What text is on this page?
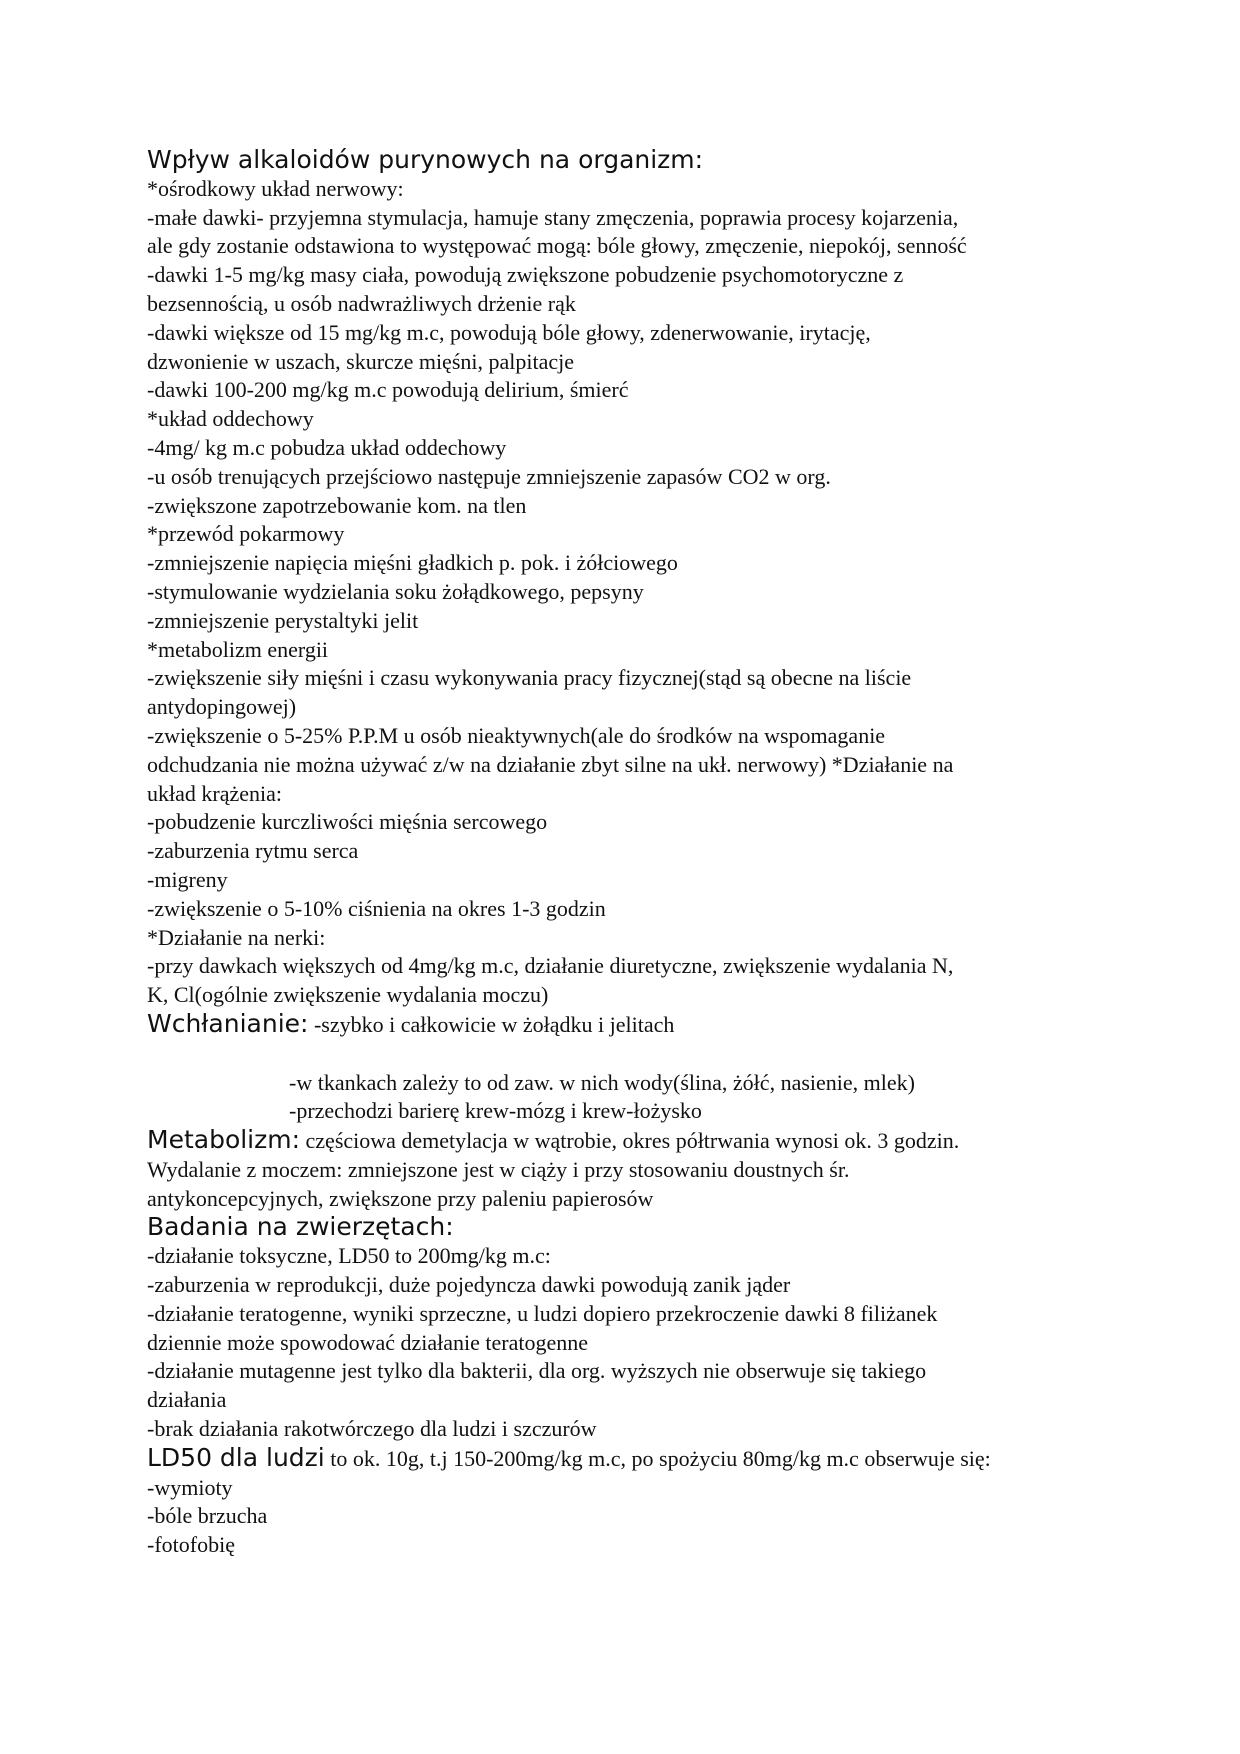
Wpływ alkaloidów purynowych na organizm:
*ośrodkowy układ nerwowy:
-małe dawki- przyjemna stymulacja, hamuje stany zmęczenia, poprawia procesy kojarzenia,
ale gdy zostanie odstawiona to występować mogą: bóle głowy, zmęczenie, niepokój, senność
-dawki 1-5 mg/kg masy ciała, powodują zwiększone pobudzenie psychomotoryczne z
bezsennością, u osób nadwrażliwych drżenie rąk
-dawki większe od 15 mg/kg m.c, powodują bóle głowy, zdenerwowanie, irytację,
dzwonienie w uszach, skurcze mięśni, palpitacje
-dawki 100-200 mg/kg m.c powodują delirium, śmierć
*układ oddechowy
-4mg/ kg m.c pobudza układ oddechowy
-u osób trenujących przejściowo następuje zmniejszenie zapasów CO2 w org.
-zwiększone zapotrzebowanie kom. na tlen
*przewód pokarmowy
-zmniejszenie napięcia mięśni gładkich p. pok. i żółciowego
-stymulowanie wydzielania soku żołądkowego, pepsyny
-zmniejszenie perystaltyki jelit
*metabolizm energii
-zwiększenie siły mięśni i czasu wykonywania pracy fizycznej(stąd są obecne na liście
antydopingowej)
-zwiększenie o 5-25% P.P.M u osób nieaktywnych(ale do środków na wspomaganie
odchudzania nie można używać z/w na działanie zbyt silne na ukł. nerwowy) *Działanie na
układ krążenia:
-pobudzenie kurczliwości mięśnia sercowego
-zaburzenia rytmu serca
-migreny
-zwiększenie o 5-10% ciśnienia na okres 1-3 godzin
*Działanie na nerki:
-przy dawkach większych od 4mg/kg m.c, działanie diuretyczne, zwiększenie wydalania N,
K, Cl(ogólnie zwiększenie wydalania moczu)
Wchłanianie: -szybko i całkowicie w żołądku i jelitach
-w tkankach zależy to od zaw. w nich wody(ślina, żółć, nasienie, mlek)
-przechodzi barierę krew-mózg i krew-łożysko
Metabolizm: częściowa demetylacja w wątrobie, okres półtrwania wynosi ok. 3 godzin.
Wydalanie z moczem: zmniejszone jest w ciąży i przy stosowaniu doustnych śr.
antykoncepcyjnych, zwiększone przy paleniu papierosów
Badania na zwierzętach:
-działanie toksyczne, LD50 to 200mg/kg m.c:
-zaburzenia w reprodukcji, duże pojedyncza dawki powodują zanik jąder
-działanie teratogenne, wyniki sprzeczne, u ludzi dopiero przekroczenie dawki 8 filiżanek
dziennie może spowodować działanie teratogenne
-działanie mutagenne jest tylko dla bakterii, dla org. wyższych nie obserwuje się takiego
działania
-brak działania rakotwórczego dla ludzi i szczurów
LD50 dla ludzi to ok. 10g, t.j 150-200mg/kg m.c, po spożyciu 80mg/kg m.c obserwuje się:
-wymioty
-bóle brzucha
-fotofobię
